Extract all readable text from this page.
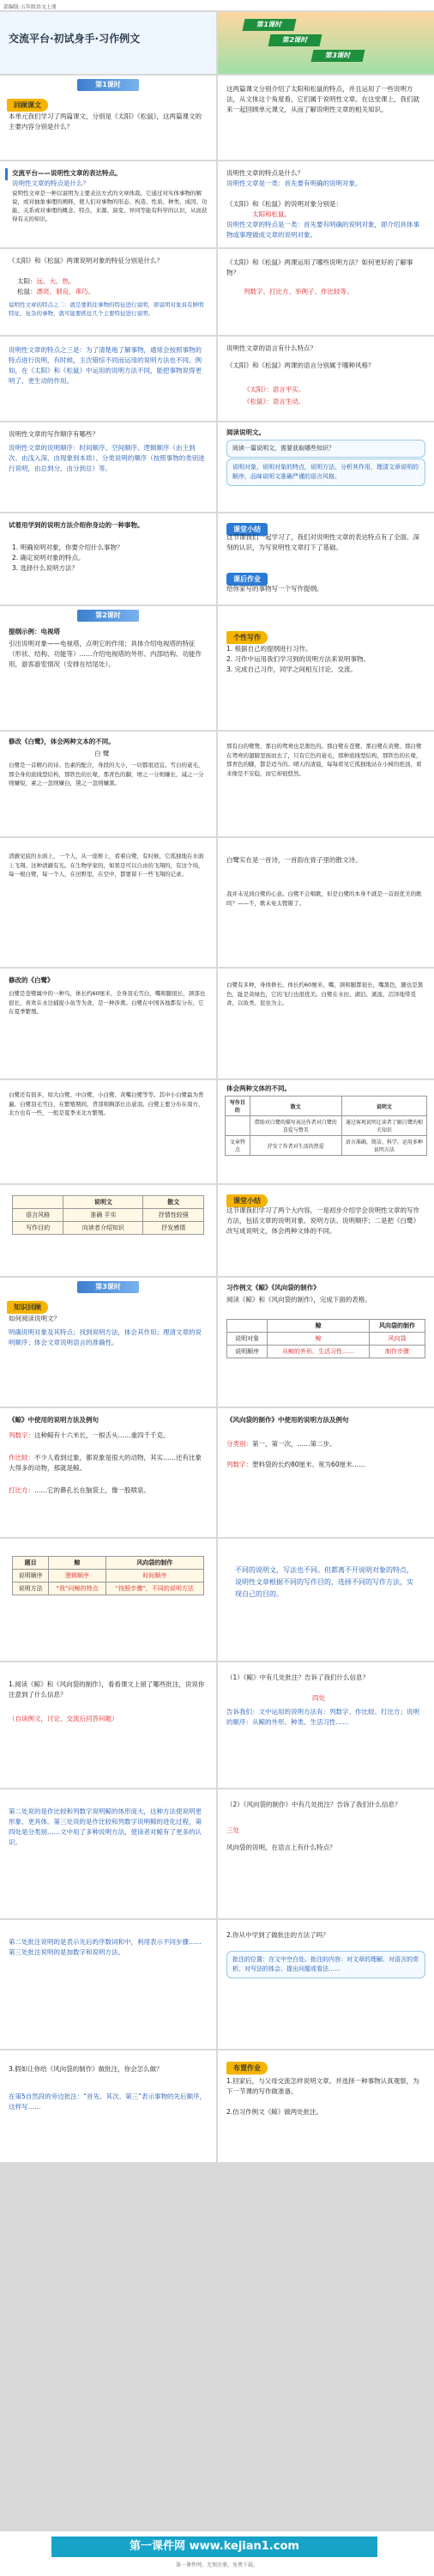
部编版·五年级语文上册
交流平台·初试身手·习作例文
第1课时
第2课时
第3课时
第1课时
回顾课文
本单元我们学习了两篇课文，分别是《太阳》《松鼠》，这两篇课文的主要内容分别是什么？
这两篇课文分别介绍了太阳和松鼠的特点，并且运用了一些说明方法，从文体这个角度看，它们属于说明性文章。在这堂课上，我们就来一起回顾单元课文，从而了解说明性文章的相关知识。
交流平台——说明性文章的表达特点。
说明性文章的特点是什么？
说明性文章是一种以说明为主要表达方式的文章体裁。它通过对实体事物的解说，或对抽象事理的阐释，使人们对事物的形态、构造、性质、种类、成因、功能、关系或对事理的概念、特点、来源、演变、异同等能有科学的认识，从而获得有关的知识。
说明性文章的特点是什么？
说明性文章是一类：首先要有明确的说明对象。
《太阳》和《松鼠》的说明对象分别是：
太阳和松鼠。
说明性文章的特点是一类：首先要有明确的说明对象，即介绍具体事物或事理做成文章的说明对象。
《太阳》和《松鼠》两课说明对象的特征分别是什么？
太阳：远、大、热。
松鼠：漂亮、驯良、乖巧。
说明性文章的特点之二：就是要抓住事物的特征进行说明，即说明对象具有鲜明特征，复杂的事物，就可能要抓住几个主要特征进行说明。
《太阳》和《松鼠》两课运用了哪些说明方法？如何更好的了解事物？
列数字、打比方、举例子、作比较等。
说明性文章的特点之三是：为了清楚地了解事物，通常会按照事物的特点进行说明，有时候，主次错综不同而运用的说明方法也不同。例如，在《太阳》和《松鼠》中运用的说明方法不同，能把事物说得更明了、更生动的作用。
说明性文章的语言有什么特点？
《太阳》和《松鼠》两课的语言分别属于哪种风格？
《太阳》：语言平实。
《松鼠》：语言生动。
说明性文章的写作顺序有哪些？
说明性文章的说明顺序：时间顺序、空间顺序、逻辑顺序（由主到次、由浅入深、由现象到本质）、分类说明的顺序（按照事物的类别进行说明，由总到分、由分到总）等。
阅读说明文。
阅读一篇说明文，需要获取哪些知识？
说明对象，说明对象的特点，说明方法、分析其作用，理清文章说明的顺序，品味说明文准确严谨的语言风格。
试着用学到的说明方法介绍你身边的一种事物。
1. 明确说明对象，你要介绍什么事物？
2. 确定说明对象的特点。
3. 选择什么说明方法？
课堂小结
这节课我们一起学习了，我们对说明性文章的表达特点有了全面、深刻的认识，为写说明性文章打下了基础。
课后作业
给你家写的事物写一个写作提纲。
第2课时
提纲示例：电视塔
引出说明对象——电视塔，点明它的作用；具体介绍电视塔的特征（形状、结构、功能等）……介绍电视塔的外形、内部结构、功能作用，游客游览情况（安排在结尾处）。
个性写作
1. 根据自己的提纲进行习作。
2. 习作中运用我们学习到的说明方法来说明事物。
3. 完成自己习作，同学之间相互讨论、交流。
修改《白鹭》，体会两种文本的不同。
白 鹭
白鹭是一首精巧的诗。色素的配合，身段的大小，一切都很适宜。雪白的蓑毛，那全身的流线型结构，那铁色的长喙，那青色的脚，增之一分则嫌长，减之一分则嫌短，素之一忽则嫌白，黛之一忽则嫌黑。
那有白的鹭鸶，那白的鸳鸯也是黑色的。那白鹭在苍鹭、那白鹭在黄鹭、那白鹭在鸳鸯的翅膀里面而去了，只有它色的蓑毛，那种流线型结构，那铁色的长喙，那青色的脚，都是适当的。晴天的清晨，每每看见它孤独地站在小树的绝顶，看来像是不安稳，而它却很悠然。
清澈见底的水面上，一个人，从一座桥上，看着白鹭，有时候，它孤独地在水面上飞翔。这种清澈有光。在生物学家的，如果是可以自由的飞翔的，有这个场，每一根白鹭，每一个人，在田野里，在空中，都要留下一些飞翔的记录。
白鹭实在是一首诗，一首韵在骨子里的散文诗。
我并未见到白鹭的心意。白鹭不会唱歌，但是白鹭的本身不就是一首很优美的歌吗？——不，歌未免太铿锵了。
修改的《白鹭》
白鹭是苍鹭属中的一种鸟，体长约60厘米，全身羽毛雪白，嘴和腿很长，颈部也很长，喜欢在水边捕捉小鱼等为食，是一种涉禽。白鹭在中国各地都有分布，它在夏季繁殖。
白鹭有多种，身体修长。体长约60厘米，嘴、颈和腿都很长，嘴黑色，腿也是黑色，趾是黄绿色，它的飞行也很优美。白鹭在水田、湖泊、溪流、沼泽地带觅食，以鱼类、昆虫为主。
白鹭还有很多，如大白鹭、中白鹭、小白鹭、黄嘴白鹭等等。其中小白鹭最为普遍。白鹭羽毛雪白，在繁殖期间，背部和胸部长出蓑羽。白鹭主要分布在南方，北方也有一些，一般是夏季来北方繁殖。
体会两种文体的不同。
写作目的	散文	说明文
	借助对白鹭的描写表达作者对白鹭的喜爱与赞美	通过客观说明让读者了解白鹭的相关知识
文章特点	抒发了作者对生活的热爱	语言准确、简洁、科学，运用多种说明方法
	说明文	散文
语言风格	准确 平实	抒情性较强
写作目的	向读者介绍知识	抒发感情
课堂小结
这节课我们学习了两个大内容，一是初步介绍学会说明性文章的写作方法，包括文章的说明对象、说明方法、说明顺序；二是把《白鹭》改写成说明文，体会两种文体的不同。
第3课时
知识回顾
如何阅读说明文？
明确说明对象及其特点；找到说明方法，体会其作用；理清文章的说明顺序；体会文章说明语言的准确性。
习作例文《鲸》《风向袋的制作》
阅读《鲸》和《风向袋的制作》，完成下面的表格。
	鲸	风向袋的制作
说明对象	鲸	风向袋
说明顺序	从鲸的外形、生活习性……	制作步骤
《鲸》中使用的说明方法及例句
列数字：这种鲸有十六米长，一根舌头……重四千千克。
作比较：不少人看到过象，都说象是很大的动物，其实……还有比象大得多的动物，那就是鲸。
打比方：……它的鼻孔长在脑袋上，像一股喷泉。
《风向袋的制作》中使用的说明方法及例句
分类别：第一，第一次，……第二步。
列数字：塑料袋的长约80厘米、宽为60厘米……
题目	鲸	风向袋的制作
说明顺序	逻辑顺序	时间顺序
说明方法	“我”问鲸的特点	“按照步骤”，不同的说明方法
不同的说明文，写法也不同。但都离不开说明对象的特点，说明性文章根据不同的写作目的，选择不同的写作方法，实现自己的目的。
1.阅读《鲸》和《风向袋的制作》，看看课文上留了哪些批注，说说你注意到了什么信息？
（自读例文，讨论、交流后回答问题）
（1）《鲸》中有几处批注？告诉了我们什么信息？
四处
告诉我们：文中运用的说明方法有：列数字、作比较、打比方；说明的顺序：从鲸的外形、种类、生活习性……
第二处说的是作比较和列数字说明鲸的体形庞大，这种方法使说明更形象、更具体。第三处说的是作比较和列数字说明鲸的进化过程，第四处是分类别……文中用了多种说明方法，使读者对鲸有了更多的认识。
（2）《风向袋的制作》中有几处批注？告诉了我们什么信息？
三处
风向袋的说明，在语言上有什么特点？
第二处批注说明的是表示先后的序数词和中，利用表示不同步骤……第三处批注说明的是加数字和说明方法。
2.你从中学到了做批注的方法了吗？
批注的位置：在文中空白处。批注的内容：对文章的理解、对语言的赏析、对写法的体会、提出问题或看法……
3.假如让你给《风向袋的制作》做批注，你会怎么做？
在第5自然段的旁边批注：“首先、其次、第三”表示事物的先后顺序，这样写……
布置作业
1.回家后，与父母交流怎样说明文章。并选择一种事物认真观察，为下一节课的写作做准备。
2.仿习作例文《鲸》做两处批注。
第一课件网 www.kejian1.com
第一课件网，无须注册，免费下载。
